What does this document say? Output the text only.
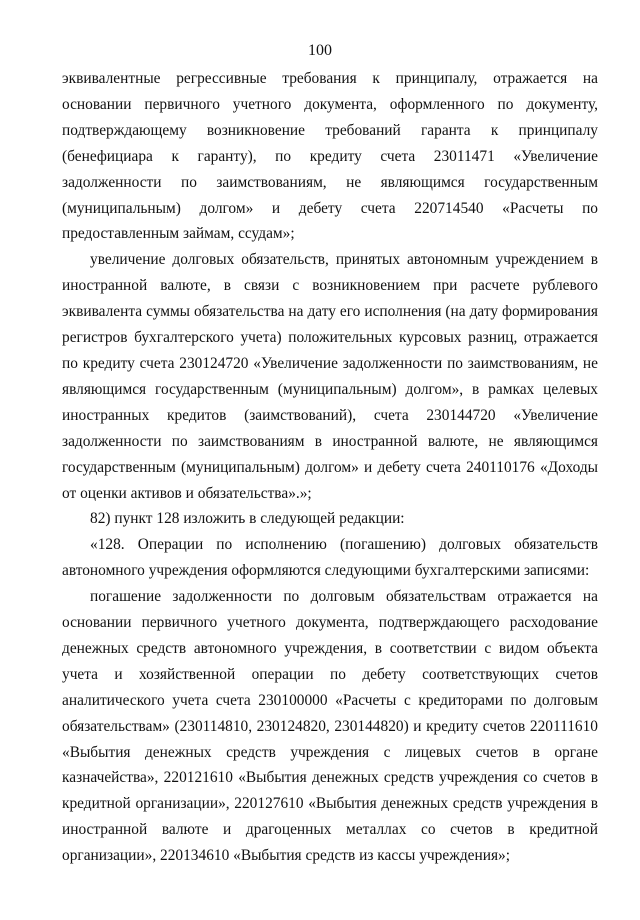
100

эквивалентные регрессивные требования к принципалу, отражается на основании первичного учетного документа, оформленного по документу, подтверждающему возникновение требований гаранта к принципалу (бенефициара к гаранту), по кредиту счета 23011471 «Увеличение задолженности по заимствованиям, не являющимся государственным (муниципальным) долгом» и дебету счета 220714540 «Расчеты по предоставленным займам, ссудам»;

увеличение долговых обязательств, принятых автономным учреждением в иностранной валюте, в связи с возникновением при расчете рублевого эквивалента суммы обязательства на дату его исполнения (на дату формирования регистров бухгалтерского учета) положительных курсовых разниц, отражается по кредиту счета 230124720 «Увеличение задолженности по заимствованиям, не являющимся государственным (муниципальным) долгом», в рамках целевых иностранных кредитов (заимствований), счета 230144720 «Увеличение задолженности по заимствованиям в иностранной валюте, не являющимся государственным (муниципальным) долгом» и дебету счета 240110176 «Доходы от оценки активов и обязательства».»;

82) пункт 128 изложить в следующей редакции:

«128. Операции по исполнению (погашению) долговых обязательств автономного учреждения оформляются следующими бухгалтерскими записями:

погашение задолженности по долговым обязательствам отражается на основании первичного учетного документа, подтверждающего расходование денежных средств автономного учреждения, в соответствии с видом объекта учета и хозяйственной операции по дебету соответствующих счетов аналитического учета счета 230100000 «Расчеты с кредиторами по долговым обязательствам» (230114810, 230124820, 230144820) и кредиту счетов 220111610 «Выбытия денежных средств учреждения с лицевых счетов в органе казначейства», 220121610 «Выбытия денежных средств учреждения со счетов в кредитной организации», 220127610 «Выбытия денежных средств учреждения в иностранной валюте и драгоценных металлах со счетов в кредитной организации», 220134610 «Выбытия средств из кассы учреждения»;
